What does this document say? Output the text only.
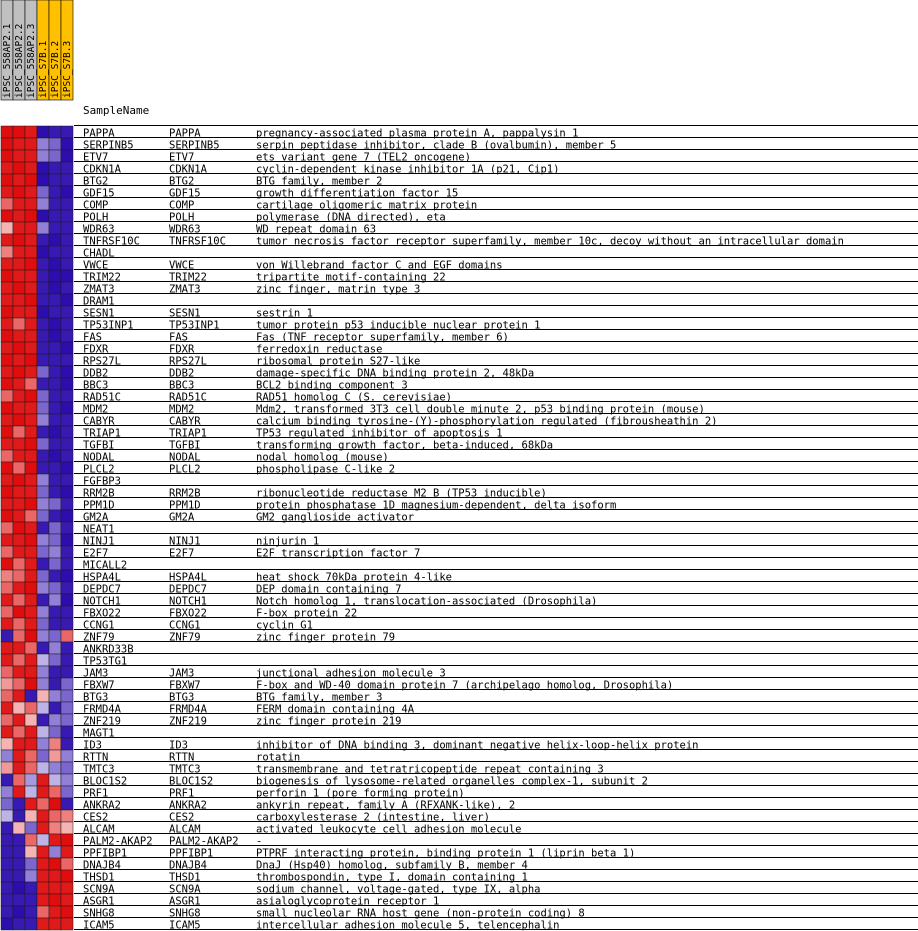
iPSC_558AP2.1 iPSC_558AP2.2 iPSC_558AP2.3 iPSC_S7B.1 iPSC_S7B.2 iPSC_S7B.3
SampleName
PAPPA	PAPPA	pregnancy-associated plasma protein A, pappalysin 1
SERPINB5	SERPINB5	serpin peptidase inhibitor, clade B (ovalbumin), member 5
ETV7	ETV7	ets variant gene 7 (TEL2 oncogene)
CDKN1A	CDKN1A	cyclin-dependent kinase inhibitor 1A (p21, Cip1)
BTG2	BTG2	BTG family, member 2
GDF15	GDF15	growth differentiation factor 15
COMP	COMP	cartilage oligomeric matrix protein
POLH	POLH	polymerase (DNA directed), eta
WDR63	WDR63	WD repeat domain 63
TNFRSF10C	TNFRSF10C	tumor necrosis factor receptor superfamily, member 10c, decoy without an intracellular domain
CHADL
VWCE	VWCE	von Willebrand factor C and EGF domains
TRIM22	TRIM22	tripartite motif-containing 22
ZMAT3	ZMAT3	zinc finger, matrin type 3
DRAM1
SESN1	SESN1	sestrin 1
TP53INP1	TP53INP1	tumor protein p53 inducible nuclear protein 1
FAS	FAS	Fas (TNF receptor superfamily, member 6)
FDXR	FDXR	ferredoxin reductase
RPS27L	RPS27L	ribosomal protein S27-like
DDB2	DDB2	damage-specific DNA binding protein 2, 48kDa
BBC3	BBC3	BCL2 binding component 3
RAD51C	RAD51C	RAD51 homolog C (S. cerevisiae)
MDM2	MDM2	Mdm2, transformed 3T3 cell double minute 2, p53 binding protein (mouse)
CABYR	CABYR	calcium binding tyrosine-(Y)-phosphorylation regulated (fibrousheathin 2)
TRIAP1	TRIAP1	TP53 regulated inhibitor of apoptosis 1
TGFBI	TGFBI	transforming growth factor, beta-induced, 68kDa
NODAL	NODAL	nodal homolog (mouse)
PLCL2	PLCL2	phospholipase C-like 2
FGFBP3
RRM2B	RRM2B	ribonucleotide reductase M2 B (TP53 inducible)
PPM1D	PPM1D	protein phosphatase 1D magnesium-dependent, delta isoform
GM2A	GM2A	GM2 ganglioside activator
NEAT1
NINJ1	NINJ1	ninjurin 1
E2F7	E2F7	E2F transcription factor 7
MICALL2
HSPA4L	HSPA4L	heat shock 70kDa protein 4-like
DEPDC7	DEPDC7	DEP domain containing 7
NOTCH1	NOTCH1	Notch homolog 1, translocation-associated (Drosophila)
FBXO22	FBXO22	F-box protein 22
CCNG1	CCNG1	cyclin G1
ZNF79	ZNF79	zinc finger protein 79
ANKRD33B
TP53TG1
JAM3	JAM3	junctional adhesion molecule 3
FBXW7	FBXW7	F-box and WD-40 domain protein 7 (archipelago homolog, Drosophila)
BTG3	BTG3	BTG family, member 3
FRMD4A	FRMD4A	FERM domain containing 4A
ZNF219	ZNF219	zinc finger protein 219
MAGT1
ID3	ID3	inhibitor of DNA binding 3, dominant negative helix-loop-helix protein
RTTN	RTTN	rotatin
TMTC3	TMTC3	transmembrane and tetratricopeptide repeat containing 3
BLOC1S2	BLOC1S2	biogenesis of lysosome-related organelles complex-1, subunit 2
PRF1	PRF1	perforin 1 (pore forming protein)
ANKRA2	ANKRA2	ankyrin repeat, family A (RFXANK-like), 2
CES2	CES2	carboxylesterase 2 (intestine, liver)
ALCAM	ALCAM	activated leukocyte cell adhesion molecule
PALM2-AKAP2 PALM2-AKAP2 -
PPFIBP1	PPFIBP1	PTPRF interacting protein, binding protein 1 (liprin beta 1)
DNAJB4	DNAJB4	DnaJ (Hsp40) homolog, subfamily B, member 4
THSD1	THSD1	thrombospondin, type I, domain containing 1
SCN9A	SCN9A	sodium channel, voltage-gated, type IX, alpha
ASGR1	ASGR1	asialoglycoprotein receptor 1
SNHG8	SNHG8	small nucleolar RNA host gene (non-protein coding) 8
ICAM5	ICAM5	intercellular adhesion molecule 5, telencephalin
